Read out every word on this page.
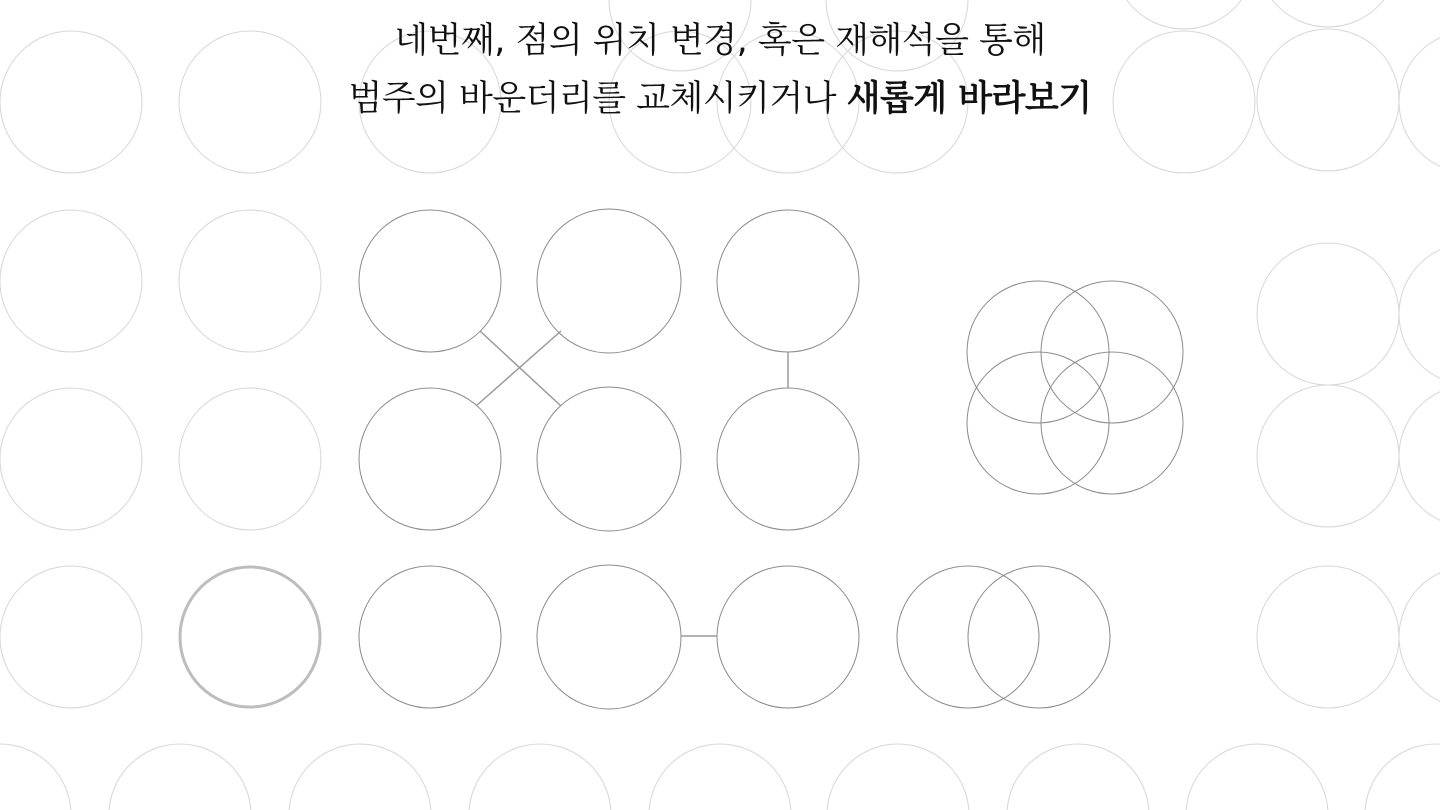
네번째, 점의 위치 변경, 혹은 재해석을 통해
범주의 바운더리를 교체시키거나 새롭게 바라보기
